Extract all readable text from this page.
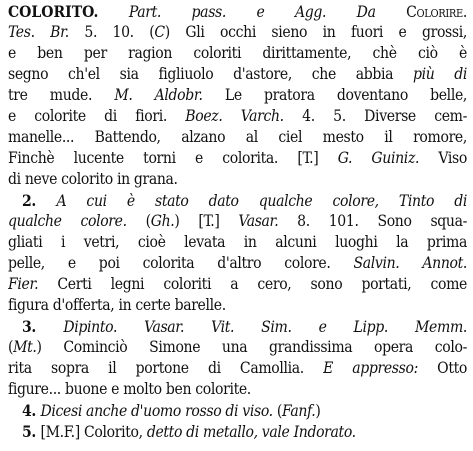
COLORITO. Part. pass. e Agg. Da Colorire.
Tes. Br. 5. 10. (C) Gli occhi sieno in fuori e grossi,
e ben per ragion coloriti dirittamente, chè ciò è
segno ch'el sia figliuolo d'astore, che abbia più di
tre mude. M. Aldobr. Le pratora doventano belle,
e colorite di fiori. Boez. Varch. 4. 5. Diverse cem-
manelle... Battendo, alzano al ciel mesto il romore,
Finchè lucente torni e colorita. [T.] G. Guiniz. Viso
di neve colorito in grana.
2. A cui è stato dato qualche colore, Tinto di
qualche colore. (Gh.) [T.] Vasar. 8. 101. Sono squa-
gliati i vetri, cioè levata in alcuni luoghi la prima
pelle, e poi colorita d'altro colore. Salvin. Annot.
Fier. Certi legni coloriti a cero, sono portati, come
figura d'offerta, in certe barelle.
3. Dipinto. Vasar. Vit. Sim. e Lipp. Memm.
(Mt.) Cominciò Simone una grandissima opera colo-
rita sopra il portone di Camollia. E appresso: Otto
figure... buone e molto ben colorite.
4. Dicesi anche d'uomo rosso di viso. (Fanf.)
5. [M.F.] Colorito, detto di metallo, vale Indorato.
